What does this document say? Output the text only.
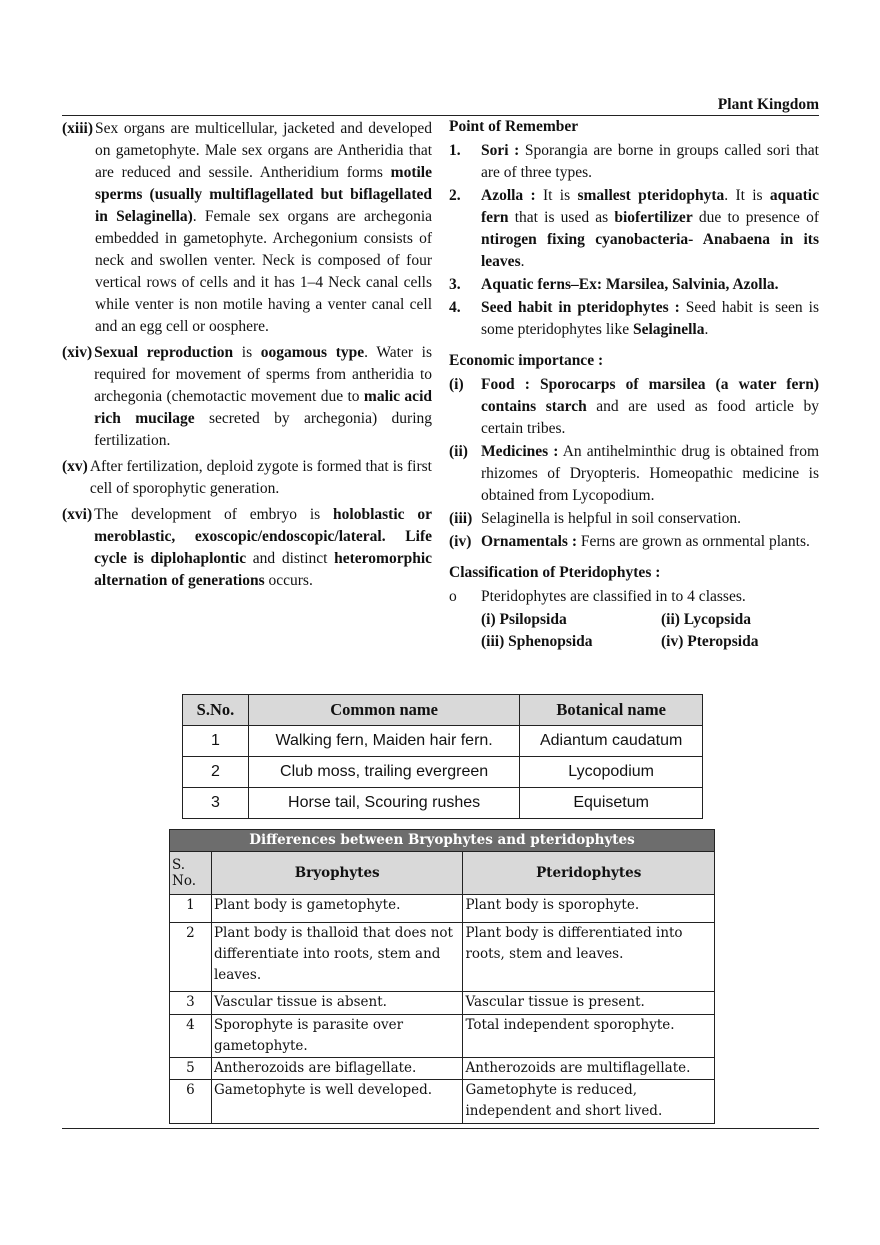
Plant Kingdom
(xiii) Sex organs are multicellular, jacketed and developed on gametophyte. Male sex organs are Antheridia that are reduced and sessile. Antheridium forms motile sperms (usually multiflagellated but biflagellated in Selaginella). Female sex organs are archegonia embedded in gametophyte. Archegonium consists of neck and swollen venter. Neck is composed of four vertical rows of cells and it has 1–4 Neck canal cells while venter is non motile having a venter canal cell and an egg cell or oosphere.
(xiv) Sexual reproduction is oogamous type. Water is required for movement of sperms from antheridia to archegonia (chemotactic movement due to malic acid rich mucilage secreted by archegonia) during fertilization.
(xv) After fertilization, deploid zygote is formed that is first cell of sporophytic generation.
(xvi) The development of embryo is holoblastic or meroblastic, exoscopic/endoscopic/lateral. Life cycle is diplohaplontic and distinct heteromorphic alternation of generations occurs.
Point of Remember
1.	Sori : Sporangia are borne in groups called sori that are of three types.
2.	Azolla : It is smallest pteridophyta. It is aquatic fern that is used as biofertilizer due to presence of ntirogen fixing cyanobacteria- Anabaena in its leaves.
3.	Aquatic ferns–Ex: Marsilea, Salvinia, Azolla.
4.	Seed habit in pteridophytes : Seed habit is seen is some pteridophytes like Selaginella.
Economic importance :
(i)	Food : Sporocarps of marsilea (a water fern) contains starch and are used as food article by certain tribes.
(ii) Medicines : An antihelminthic drug is obtained from rhizomes of Dryopteris. Homeopathic medicine is obtained from Lycopodium.
(iii) Selaginella is helpful in soil conservation.
(iv) Ornamentals : Ferns are grown as ornmental plants.
Classification of Pteridophytes :
o	Pteridophytes are classified in to 4 classes.
(i) Psilopsida	(ii) Lycopsida
(iii) Sphenopsida	(iv) Pteropsida
S.No.	Common name	Botanical name
1	Walking fern, Maiden hair fern.	Adiantum caudatum
2	Club moss, trailing evergreen	Lycopodium
3	Horse tail, Scouring rushes	Equisetum
Differences between Bryophytes and pteridophytes		
S. No.	Bryophytes	Pteridophytes
1	Plant body is gametophyte.	Plant body is sporophyte.
2	Plant body is thalloid that does not differentiate into roots, stem and leaves.	Plant body is differentiated into roots, stem and leaves.
3	Vascular tissue is absent.	Vascular tissue is present.
4	Sporophyte is parasite over gametophyte.	Total independent sporophyte.
5	Antherozoids are biflagellate.	Antherozoids are multiflagellate.
6	Gametophyte is well developed.	Gametophyte is reduced, independent and short lived.
